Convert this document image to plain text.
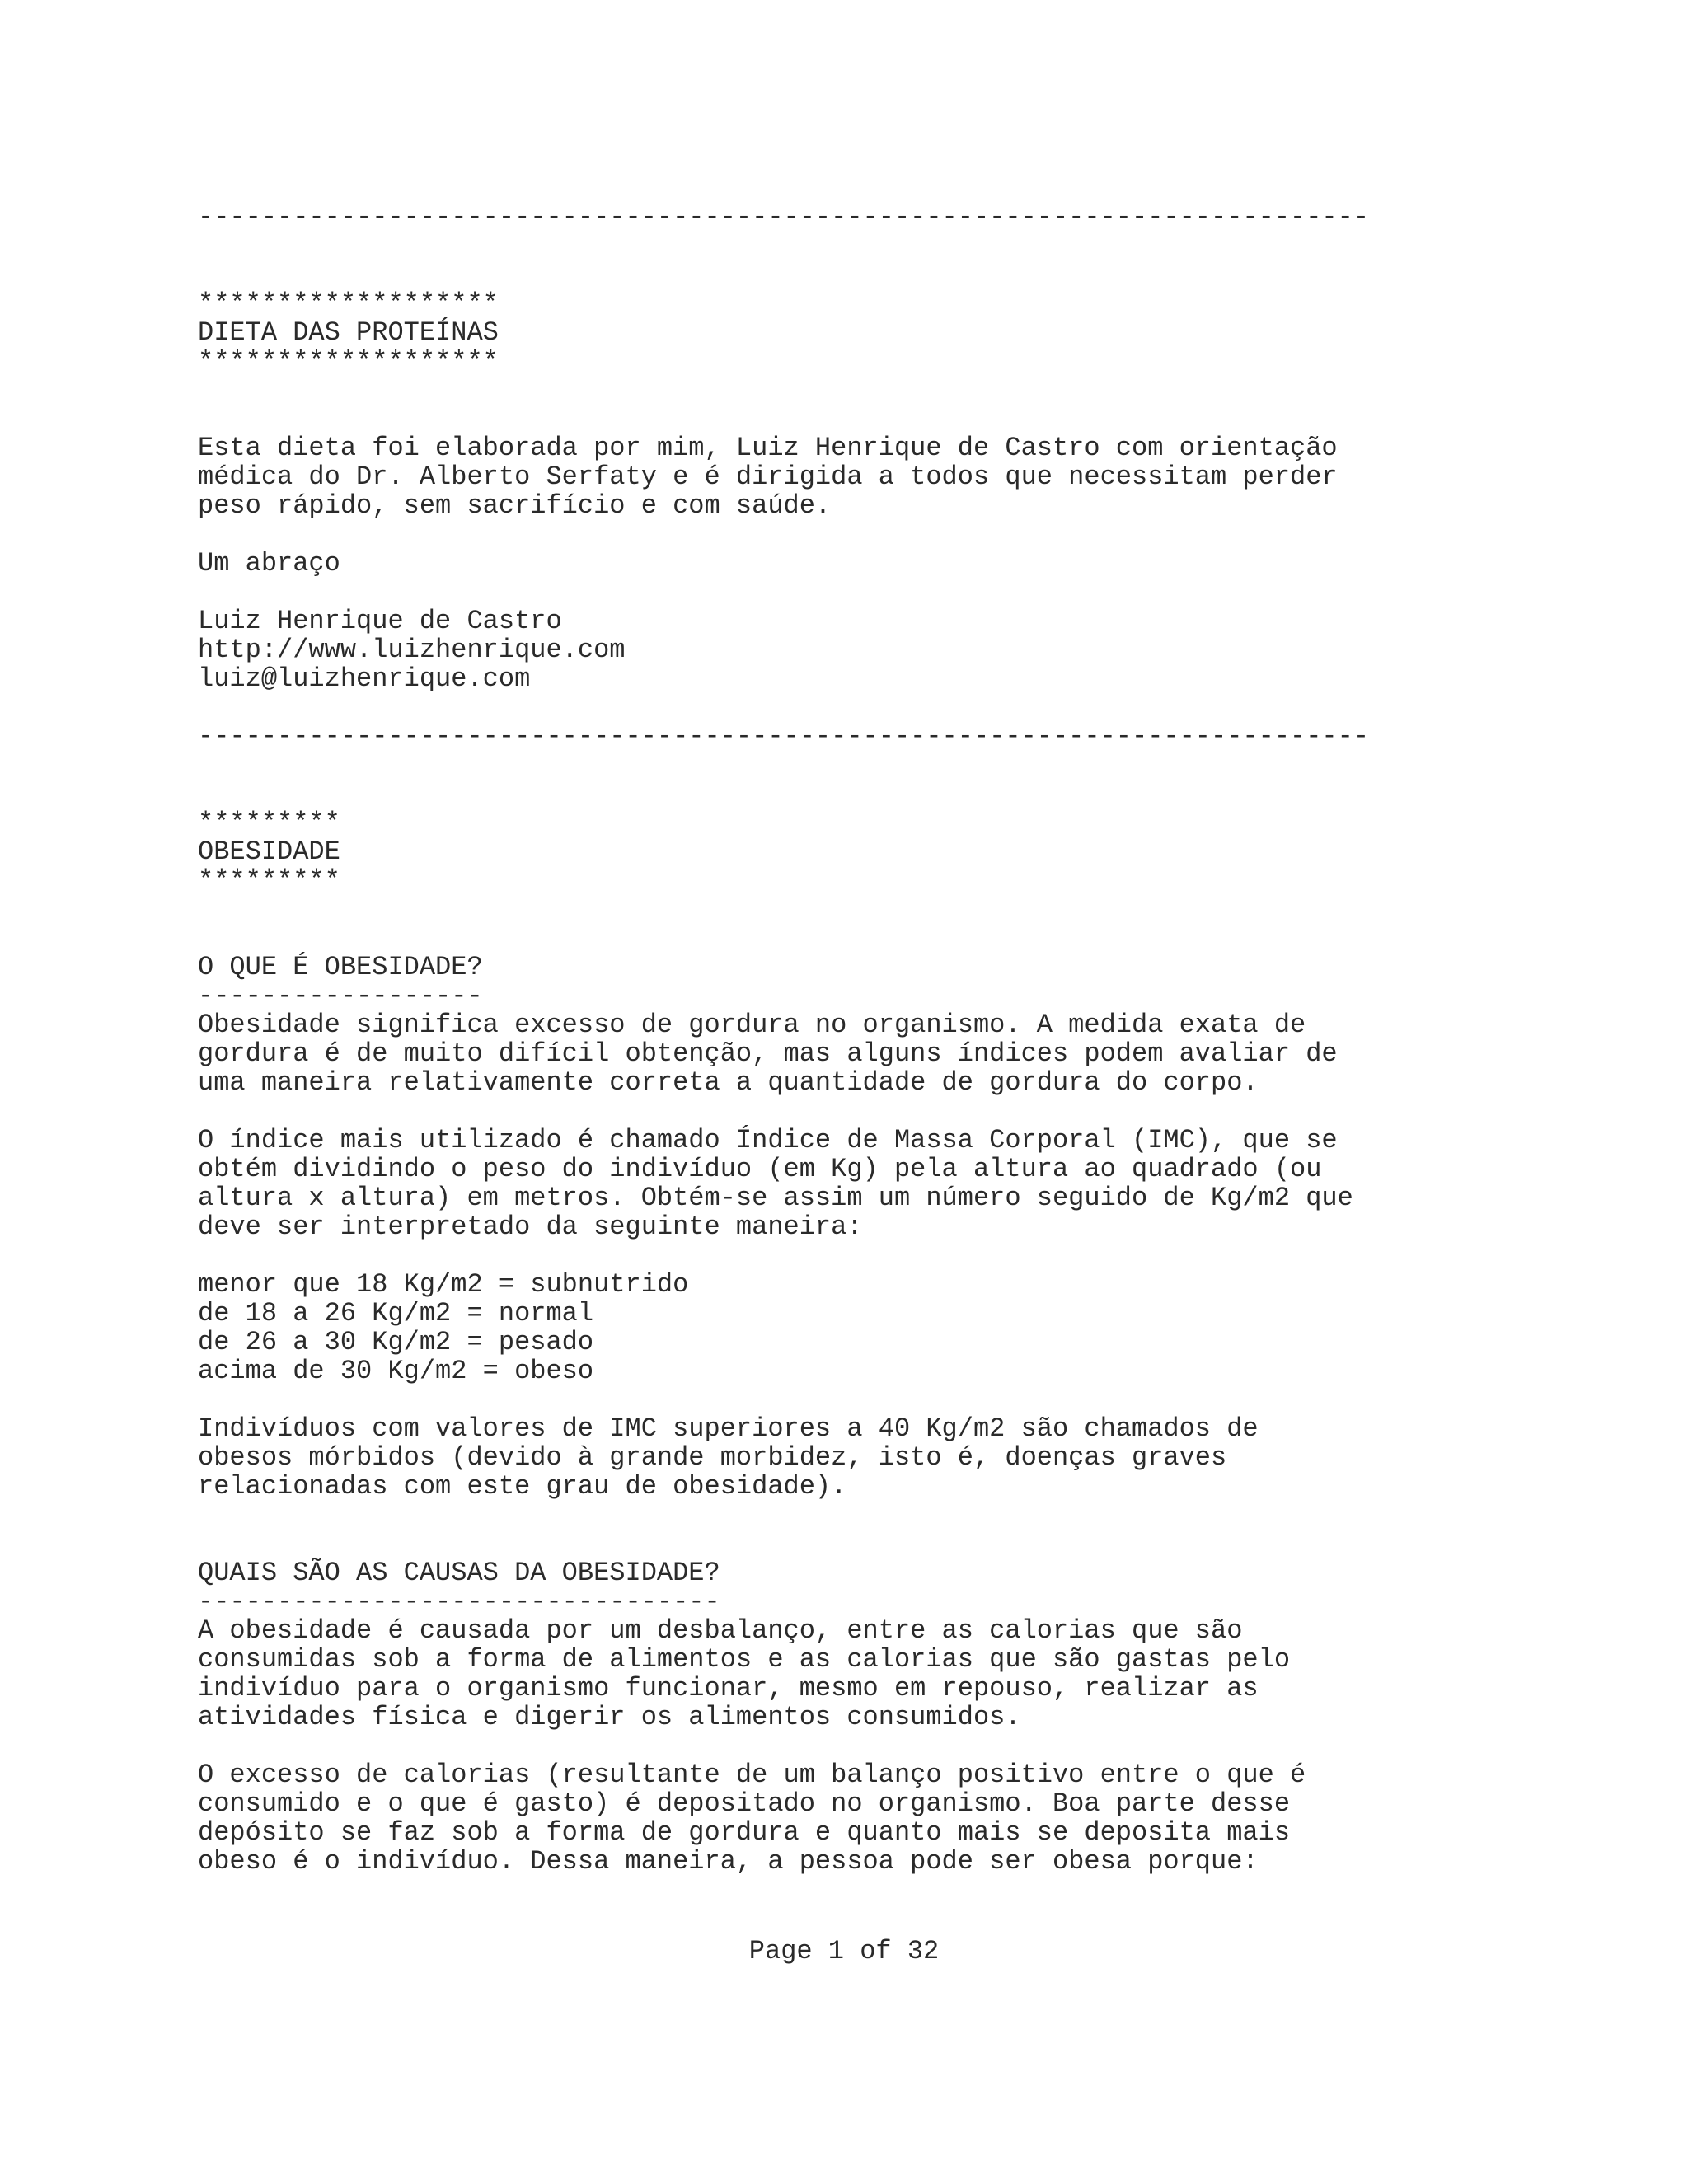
--------------------------------------------------------------------------

*******************
DIETA DAS PROTEÍNAS
*******************

Esta dieta foi elaborada por mim, Luiz Henrique de Castro com orientação
médica do Dr. Alberto Serfaty e é dirigida a todos que necessitam perder
peso rápido, sem sacrifício e com saúde.

Um abraço

Luiz Henrique de Castro
http://www.luizhenrique.com
luiz@luizhenrique.com

--------------------------------------------------------------------------

*********
OBESIDADE
*********

O QUE É OBESIDADE?
------------------
Obesidade significa excesso de gordura no organismo. A medida exata de
gordura é de muito difícil obtenção, mas alguns índices podem avaliar de
uma maneira relativamente correta a quantidade de gordura do corpo.

O índice mais utilizado é chamado Índice de Massa Corporal (IMC), que se
obtém dividindo o peso do indivíduo (em Kg) pela altura ao quadrado (ou
altura x altura) em metros. Obtém-se assim um número seguido de Kg/m2 que
deve ser interpretado da seguinte maneira:

menor que 18 Kg/m2 = subnutrido
de 18 a 26 Kg/m2 = normal
de 26 a 30 Kg/m2 = pesado
acima de 30 Kg/m2 = obeso

Indivíduos com valores de IMC superiores a 40 Kg/m2 são chamados de
obesos mórbidos (devido à grande morbidez, isto é, doenças graves
relacionadas com este grau de obesidade).

QUAIS SÃO AS CAUSAS DA OBESIDADE?
---------------------------------
A obesidade é causada por um desbalanço, entre as calorias que são
consumidas sob a forma de alimentos e as calorias que são gastas pelo
indivíduo para o organismo funcionar, mesmo em repouso, realizar as
atividades física e digerir os alimentos consumidos.

O excesso de calorias (resultante de um balanço positivo entre o que é
consumido e o que é gasto) é depositado no organismo. Boa parte desse
depósito se faz sob a forma de gordura e quanto mais se deposita mais
obeso é o indivíduo. Dessa maneira, a pessoa pode ser obesa porque:
Page 1 of 32
